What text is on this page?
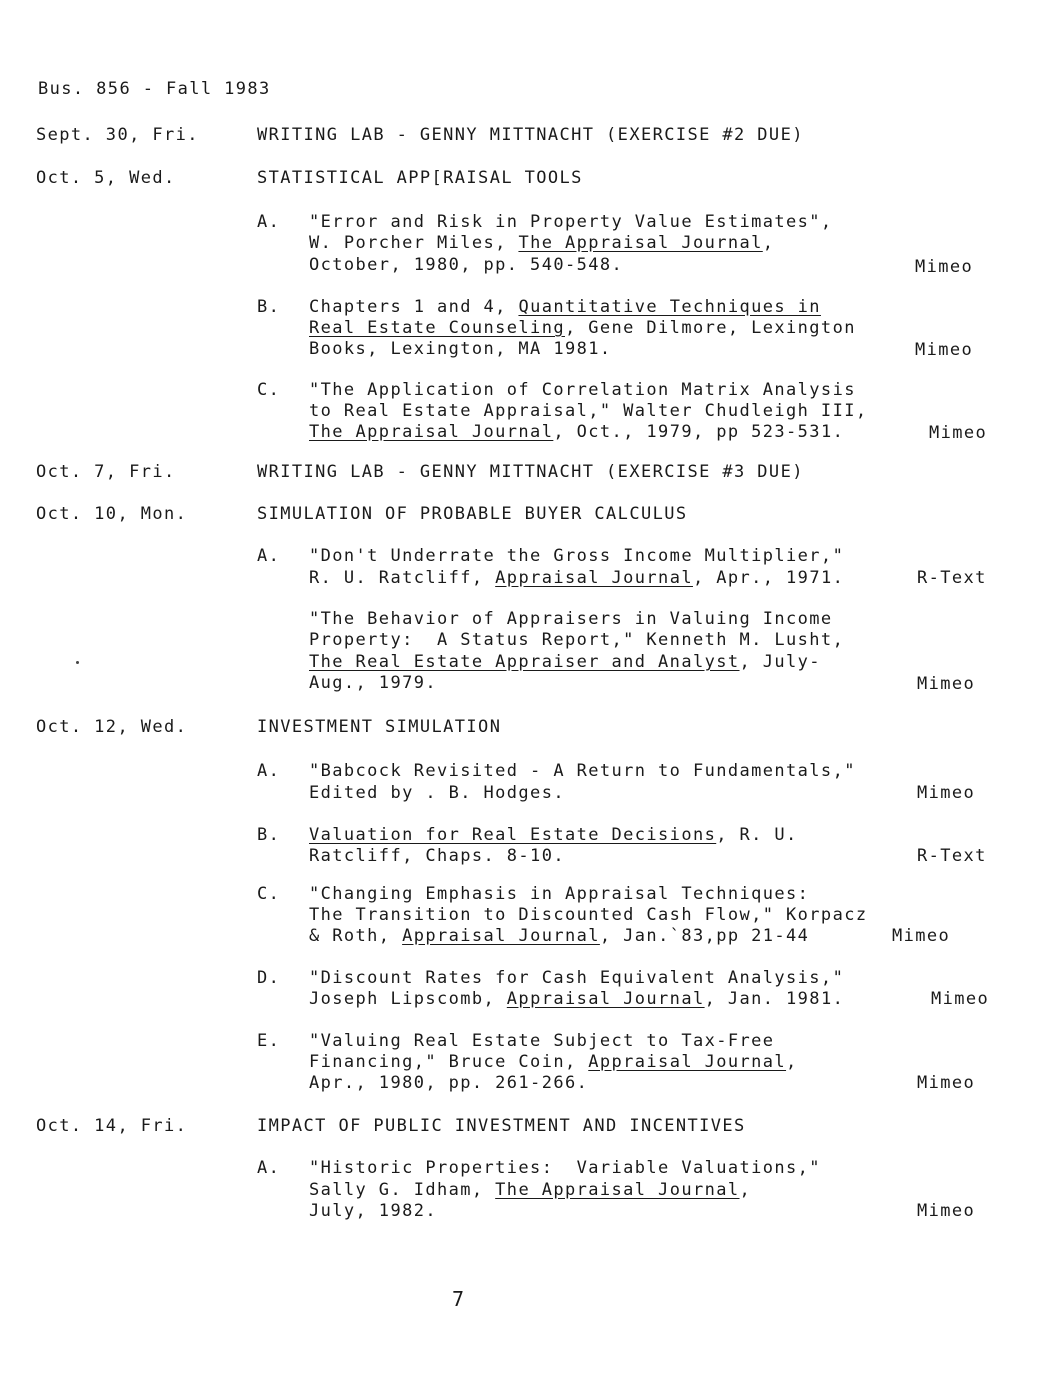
Bus. 856 - Fall 1983
Sept. 30, Fri.	WRITING LAB - GENNY MITTNACHT (EXERCISE #2 DUE)
Oct. 5, Wed.	STATISTICAL APP[RAISAL TOOLS
A. "Error and Risk in Property Value Estimates",
W. Porcher Miles, The Appraisal Journal,
October, 1980, pp. 540-548.	Mimeo
B. Chapters 1 and 4, Quantitative Techniques in
Real Estate Counseling, Gene Dilmore, Lexington
Books, Lexington, MA 1981.	Mimeo
C. "The Application of Correlation Matrix Analysis
to Real Estate Appraisal," Walter Chudleigh III,
The Appraisal Journal, Oct., 1979, pp 523-531.	Mimeo
Oct. 7, Fri.	WRITING LAB - GENNY MITTNACHT (EXERCISE #3 DUE)
Oct. 10, Mon.	SIMULATION OF PROBABLE BUYER CALCULUS
A. "Don't Underrate the Gross Income Multiplier,"
R. U. Ratcliff, Appraisal Journal, Apr., 1971.	R-Text
"The Behavior of Appraisers in Valuing Income
Property:  A Status Report," Kenneth M. Lusht,
The Real Estate Appraiser and Analyst, July-
Aug., 1979.	Mimeo
Oct. 12, Wed.	INVESTMENT SIMULATION
A. "Babcock Revisited - A Return to Fundamentals,"
Edited by . B. Hodges.	Mimeo
B. Valuation for Real Estate Decisions, R. U.
Ratcliff, Chaps. 8-10.	R-Text
C. "Changing Emphasis in Appraisal Techniques:
The Transition to Discounted Cash Flow," Korpacz
& Roth, Appraisal Journal, Jan.`83,pp 21-44	Mimeo
D. "Discount Rates for Cash Equivalent Analysis,"
Joseph Lipscomb, Appraisal Journal, Jan. 1981.	Mimeo
E. "Valuing Real Estate Subject to Tax-Free
Financing," Bruce Coin, Appraisal Journal,
Apr., 1980, pp. 261-266.	Mimeo
Oct. 14, Fri.	IMPACT OF PUBLIC INVESTMENT AND INCENTIVES
A. "Historic Properties:  Variable Valuations,"
Sally G. Idham, The Appraisal Journal,
July, 1982.	Mimeo
7
